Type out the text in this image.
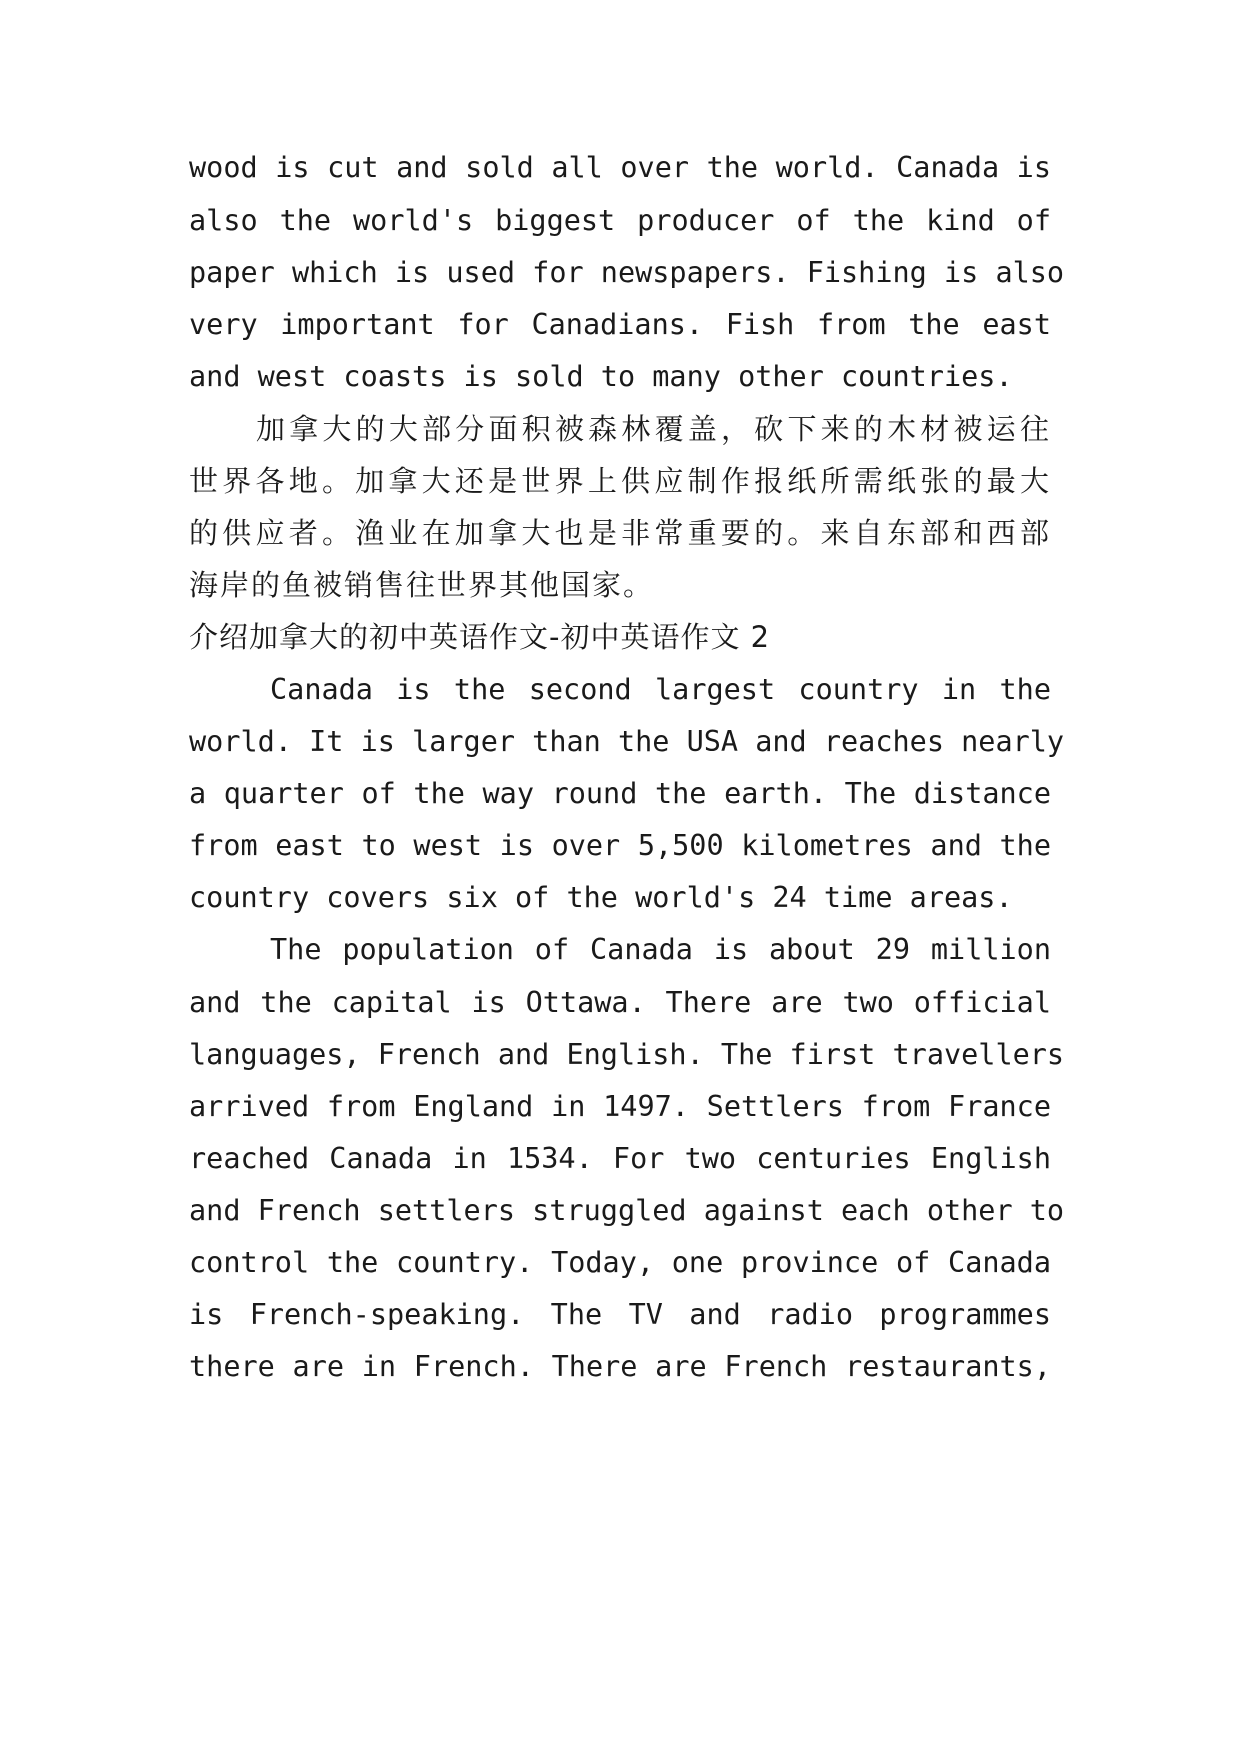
wood is cut and sold all over the world. Canada is
also the world's biggest producer of the kind of
paper which is used for newspapers. Fishing is also
very important for Canadians. Fish from the east
and west coasts is sold to many other countries.
加拿大的大部分面积被森林覆盖，砍下来的木材被运往
世界各地。加拿大还是世界上供应制作报纸所需纸张的最大
的供应者。渔业在加拿大也是非常重要的。来自东部和西部
海岸的鱼被销售往世界其他国家。
介绍加拿大的初中英语作文-初中英语作文 2
Canada is the second largest country in the
world. It is larger than the USA and reaches nearly
a quarter of the way round the earth. The distance
from east to west is over 5,500 kilometres and the
country covers six of the world's 24 time areas.
The population of Canada is about 29 million
and the capital is Ottawa. There are two official
languages, French and English. The first travellers
arrived from England in 1497. Settlers from France
reached Canada in 1534. For two centuries English
and French settlers struggled against each other to
control the country. Today, one province of Canada
is French-speaking. The TV and radio programmes
there are in French. There are French restaurants,
